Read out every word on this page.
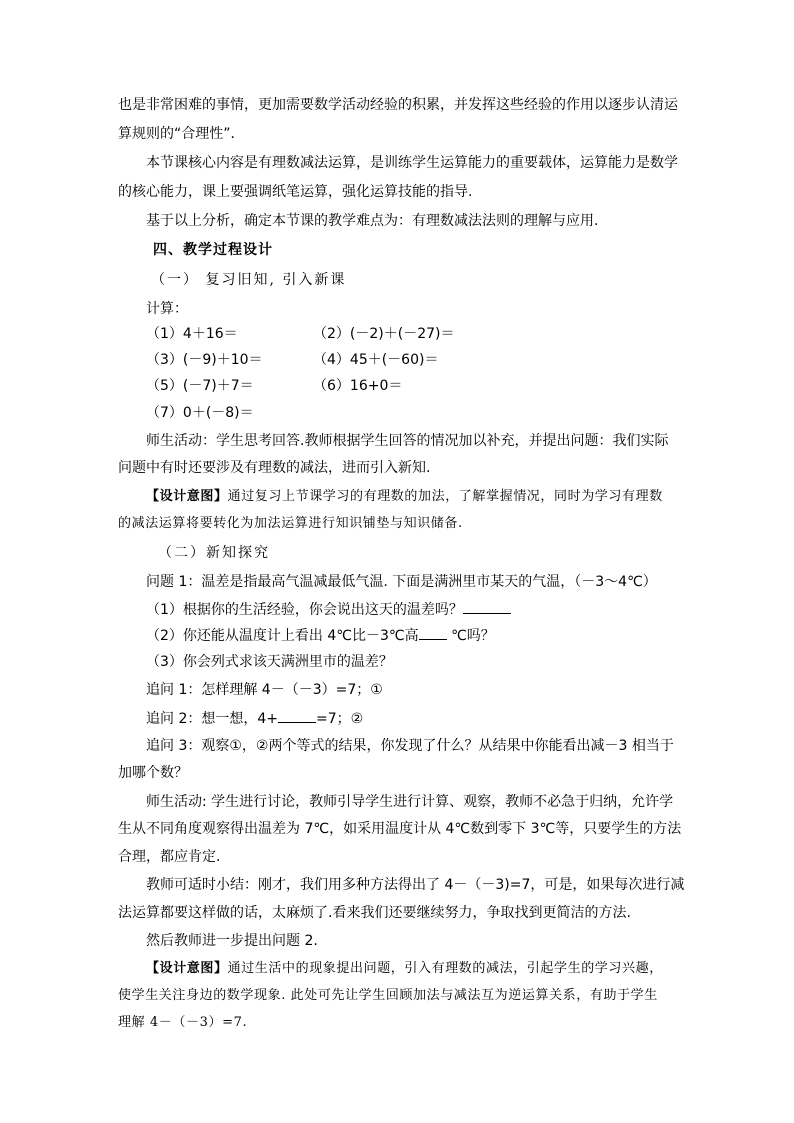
也是非常困难的事情，更加需要数学活动经验的积累，并发挥这些经验的作用以逐步认清运
算规则的“合理性”．
本节课核心内容是有理数减法运算，是训练学生运算能力的重要载体，运算能力是数学
的核心能力，课上要强调纸笔运算，强化运算技能的指导.
基于以上分析，确定本节课的教学难点为：有理数减法法则的理解与应用.
四、教学过程设计
（一） 复习旧知, 引入新课
计算：
（1）4＋16＝	（2）(－2)＋(－27)＝
（3）(－9)＋10＝	（4）45＋(－60)＝
（5）(－7)＋7＝	（6）16+0＝
（7）0＋(－8)＝
师生活动：学生思考回答.教师根据学生回答的情况加以补充，并提出问题：我们实际
问题中有时还要涉及有理数的减法，进而引入新知.
【设计意图】通过复习上节课学习的有理数的加法，了解掌握情况，同时为学习有理数
的减法运算将要转化为加法运算进行知识铺垫与知识储备.
（二）新知探究
问题 1：温差是指最高气温减最低气温. 下面是满洲里市某天的气温，（－3～4℃）
（1）根据你的生活经验，你会说出这天的温差吗？
（2）你还能从温度计上看出 4℃比－3℃高 ℃吗？
（3）你会列式求该天满洲里市的温差？
追问 1：怎样理解 4－（－3）=7；①
追问 2：想一想，4+	=7；②
追问 3：观察①，②两个等式的结果，你发现了什么？从结果中你能看出减－3 相当于
加哪个数？
师生活动: 学生进行讨论，教师引导学生进行计算、观察，教师不必急于归纳，允许学
生从不同角度观察得出温差为 7℃，如采用温度计从 4℃数到零下 3℃等，只要学生的方法
合理，都应肯定.
教师可适时小结：刚才，我们用多种方法得出了 4－（－3)=7，可是，如果每次进行减
法运算都要这样做的话，太麻烦了.看来我们还要继续努力，争取找到更简洁的方法.
然后教师进一步提出问题 2.
【设计意图】通过生活中的现象提出问题，引入有理数的减法，引起学生的学习兴趣，
使学生关注身边的数学现象. 此处可先让学生回顾加法与减法互为逆运算关系，有助于学生
理解 4－（－3）=7.
